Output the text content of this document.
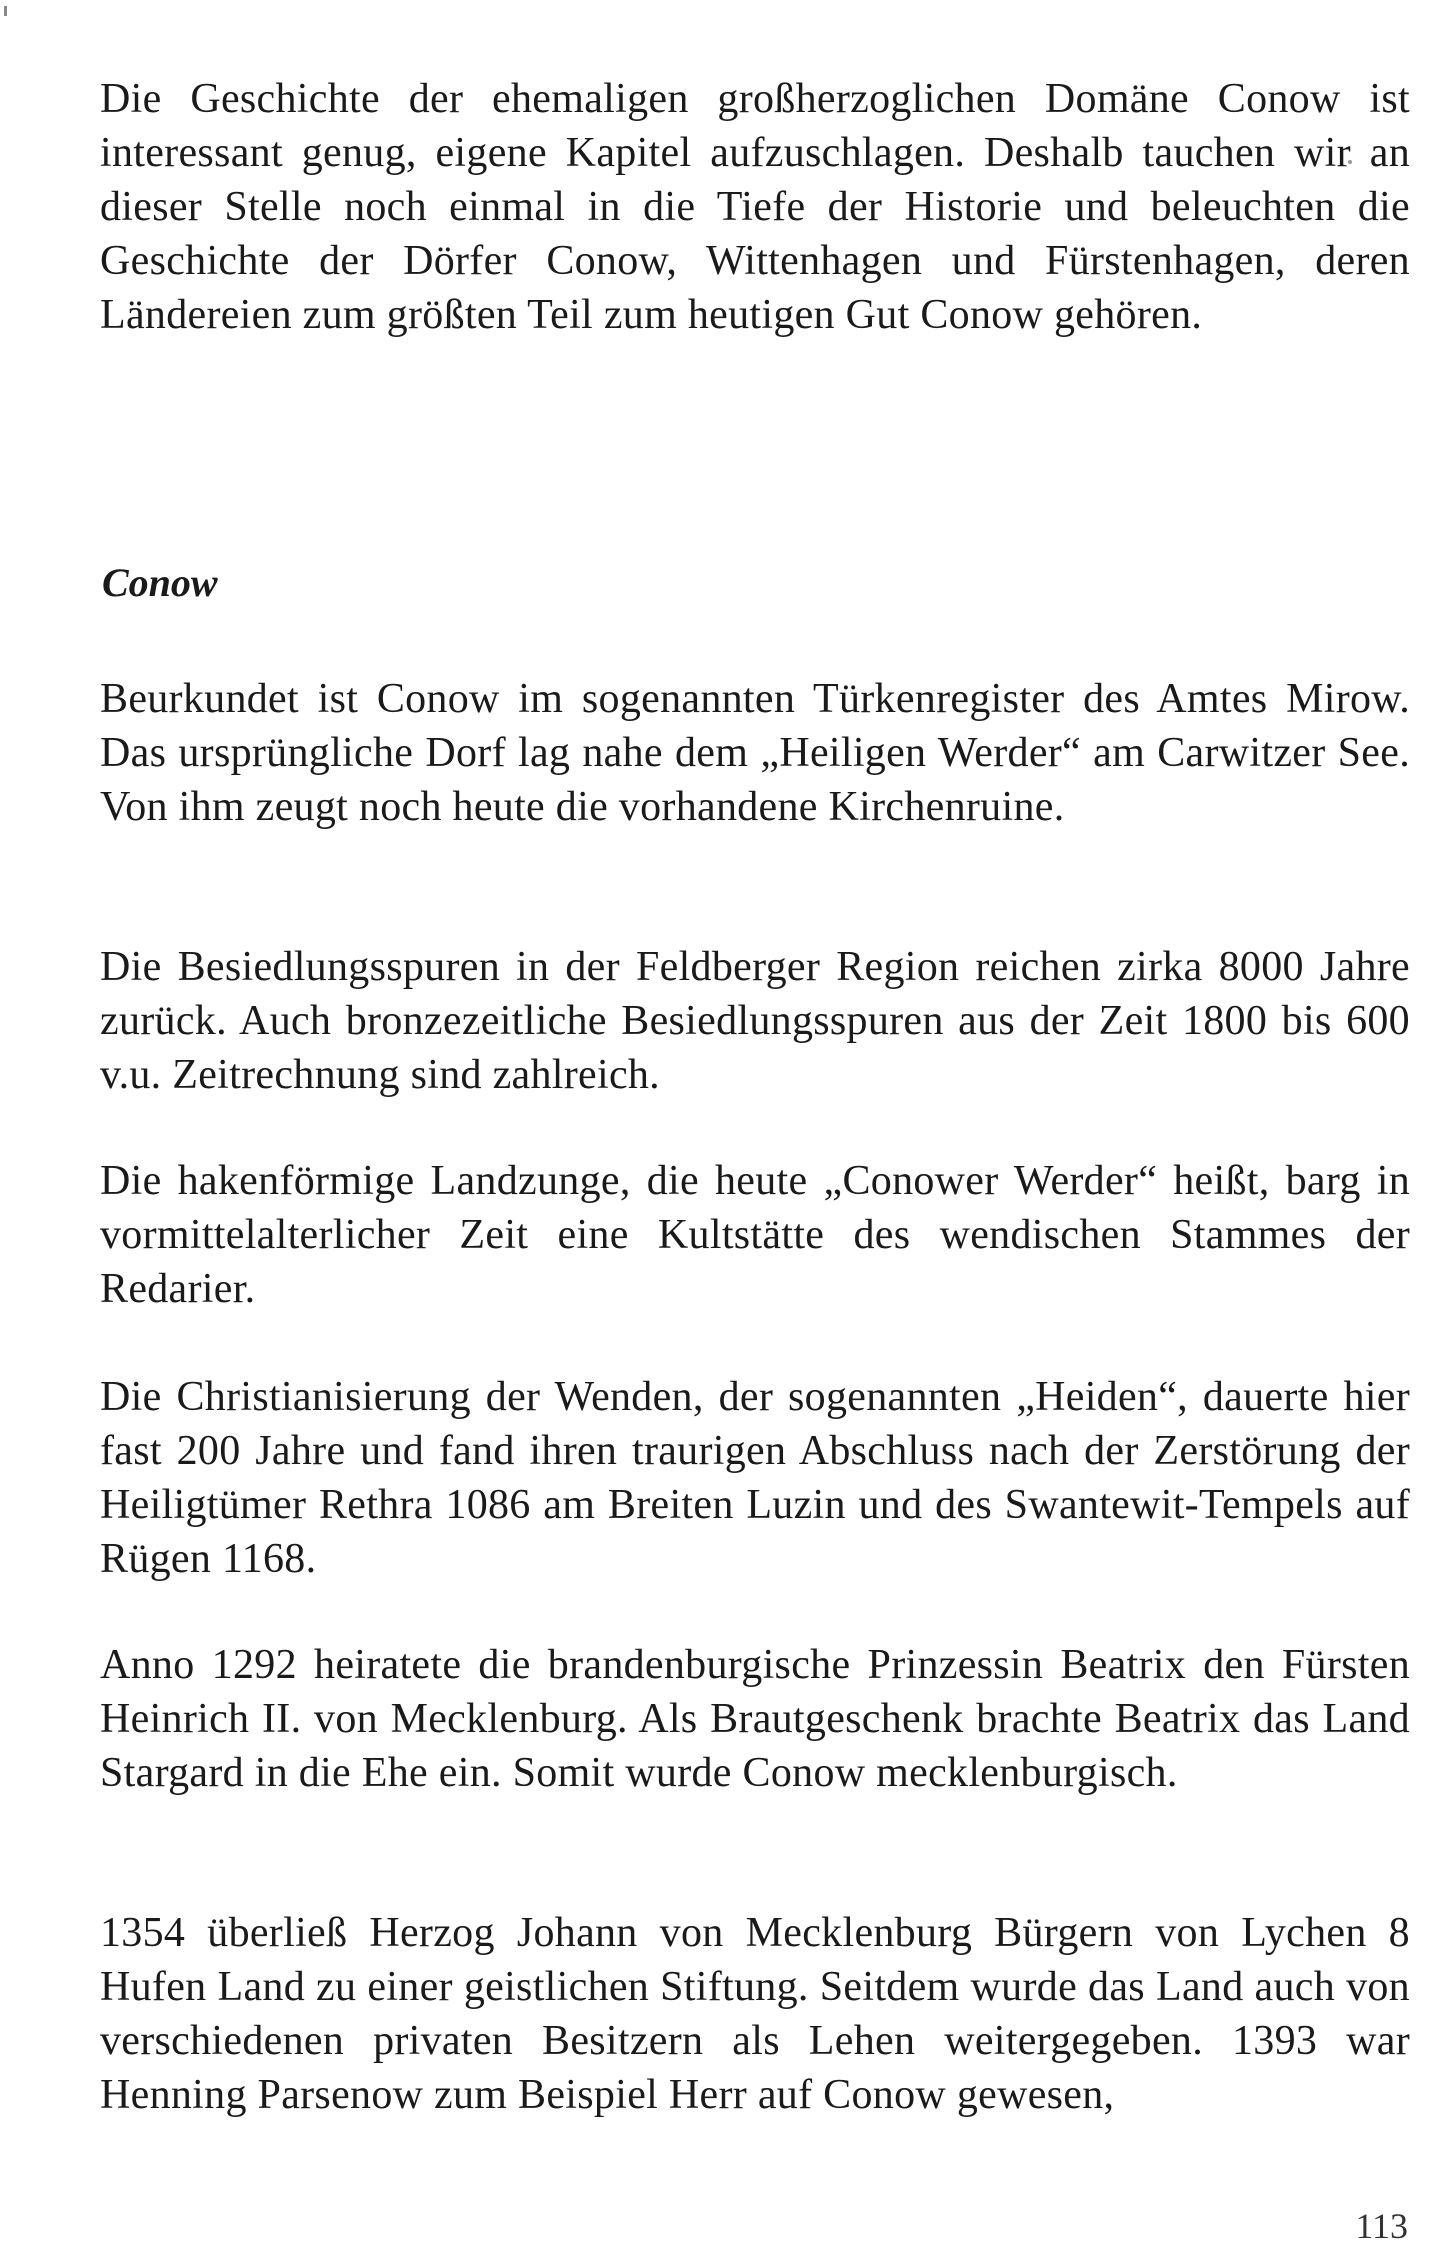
Die Geschichte der ehemaligen großherzoglichen Domäne Conow ist interessant genug, eigene Kapitel aufzuschlagen. Deshalb tauchen wir an dieser Stelle noch einmal in die Tiefe der Historie und beleuchten die Geschichte der Dörfer Conow, Wittenhagen und Fürstenhagen, deren Ländereien zum größten Teil zum heutigen Gut Conow gehören.

Conow

Beurkundet ist Conow im sogenannten Türkenregister des Amtes Mirow. Das ursprüngliche Dorf lag nahe dem „Heiligen Werder“ am Carwitzer See. Von ihm zeugt noch heute die vorhandene Kirchenruine.

Die Besiedlungsspuren in der Feldberger Region reichen zirka 8000 Jahre zurück. Auch bronzezeitliche Besiedlungsspuren aus der Zeit 1800 bis 600 v.u. Zeitrechnung sind zahlreich.

Die hakenförmige Landzunge, die heute „Conower Werder“ heißt, barg in vormittelalterlicher Zeit eine Kultstätte des wendischen Stammes der Redarier.

Die Christianisierung der Wenden, der sogenannten „Heiden“, dauerte hier fast 200 Jahre und fand ihren traurigen Abschluss nach der Zerstörung der Heiligtümer Rethra 1086 am Breiten Luzin und des Swantewit-Tempels auf Rügen 1168.

Anno 1292 heiratete die brandenburgische Prinzessin Beatrix den Fürsten Heinrich II. von Mecklenburg. Als Brautgeschenk brachte Beatrix das Land Stargard in die Ehe ein. Somit wurde Conow mecklenburgisch.

1354 überließ Herzog Johann von Mecklenburg Bürgern von Lychen 8 Hufen Land zu einer geistlichen Stiftung. Seitdem wurde das Land auch von verschiedenen privaten Besitzern als Lehen weitergegeben. 1393 war Henning Parsenow zum Beispiel Herr auf Conow gewesen,

113
